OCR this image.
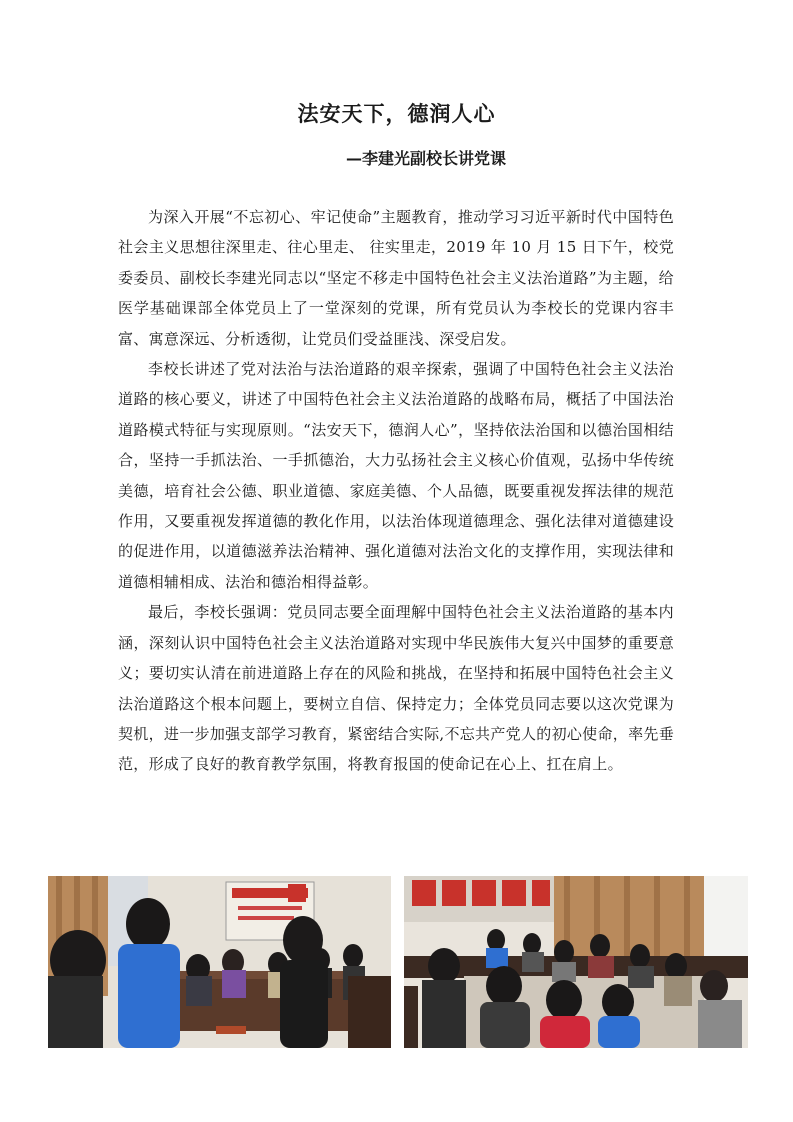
法安天下，德润人心
—李建光副校长讲党课

为深入开展“不忘初心、牢记使命”主题教育，推动学习习近平新时代中国特色社会主义思想往深里走、往心里走、 往实里走，2019 年 10 月 15 日下午，校党委委员、副校长李建光同志以“坚定不移走中国特色社会主义法治道路”为主题，给医学基础课部全体党员上了一堂深刻的党课，所有党员认为李校长的党课内容丰富、寓意深远、分析透彻，让党员们受益匪浅、深受启发。

李校长讲述了党对法治与法治道路的艰辛探索，强调了中国特色社会主义法治道路的核心要义，讲述了中国特色社会主义法治道路的战略布局，概括了中国法治道路模式特征与实现原则。“法安天下，德润人心”，坚持依法治国和以德治国相结合，坚持一手抓法治、一手抓德治，大力弘扬社会主义核心价值观，弘扬中华传统美德，培育社会公德、职业道德、家庭美德、个人品德，既要重视发挥法律的规范作用，又要重视发挥道德的教化作用，以法治体现道德理念、强化法律对道德建设的促进作用，以道德滋养法治精神、强化道德对法治文化的支撑作用，实现法律和道德相辅相成、法治和德治相得益彰。

最后，李校长强调：党员同志要全面理解中国特色社会主义法治道路的基本内涵，深刻认识中国特色社会主义法治道路对实现中华民族伟大复兴中国梦的重要意义；要切实认清在前进道路上存在的风险和挑战，在坚持和拓展中国特色社会主义法治道路这个根本问题上，要树立自信、保持定力；全体党员同志要以这次党课为契机，进一步加强支部学习教育，紧密结合实际,不忘共产党人的初心使命，率先垂范，形成了良好的教育教学氛围，将教育报国的使命记在心上、扛在肩上。
